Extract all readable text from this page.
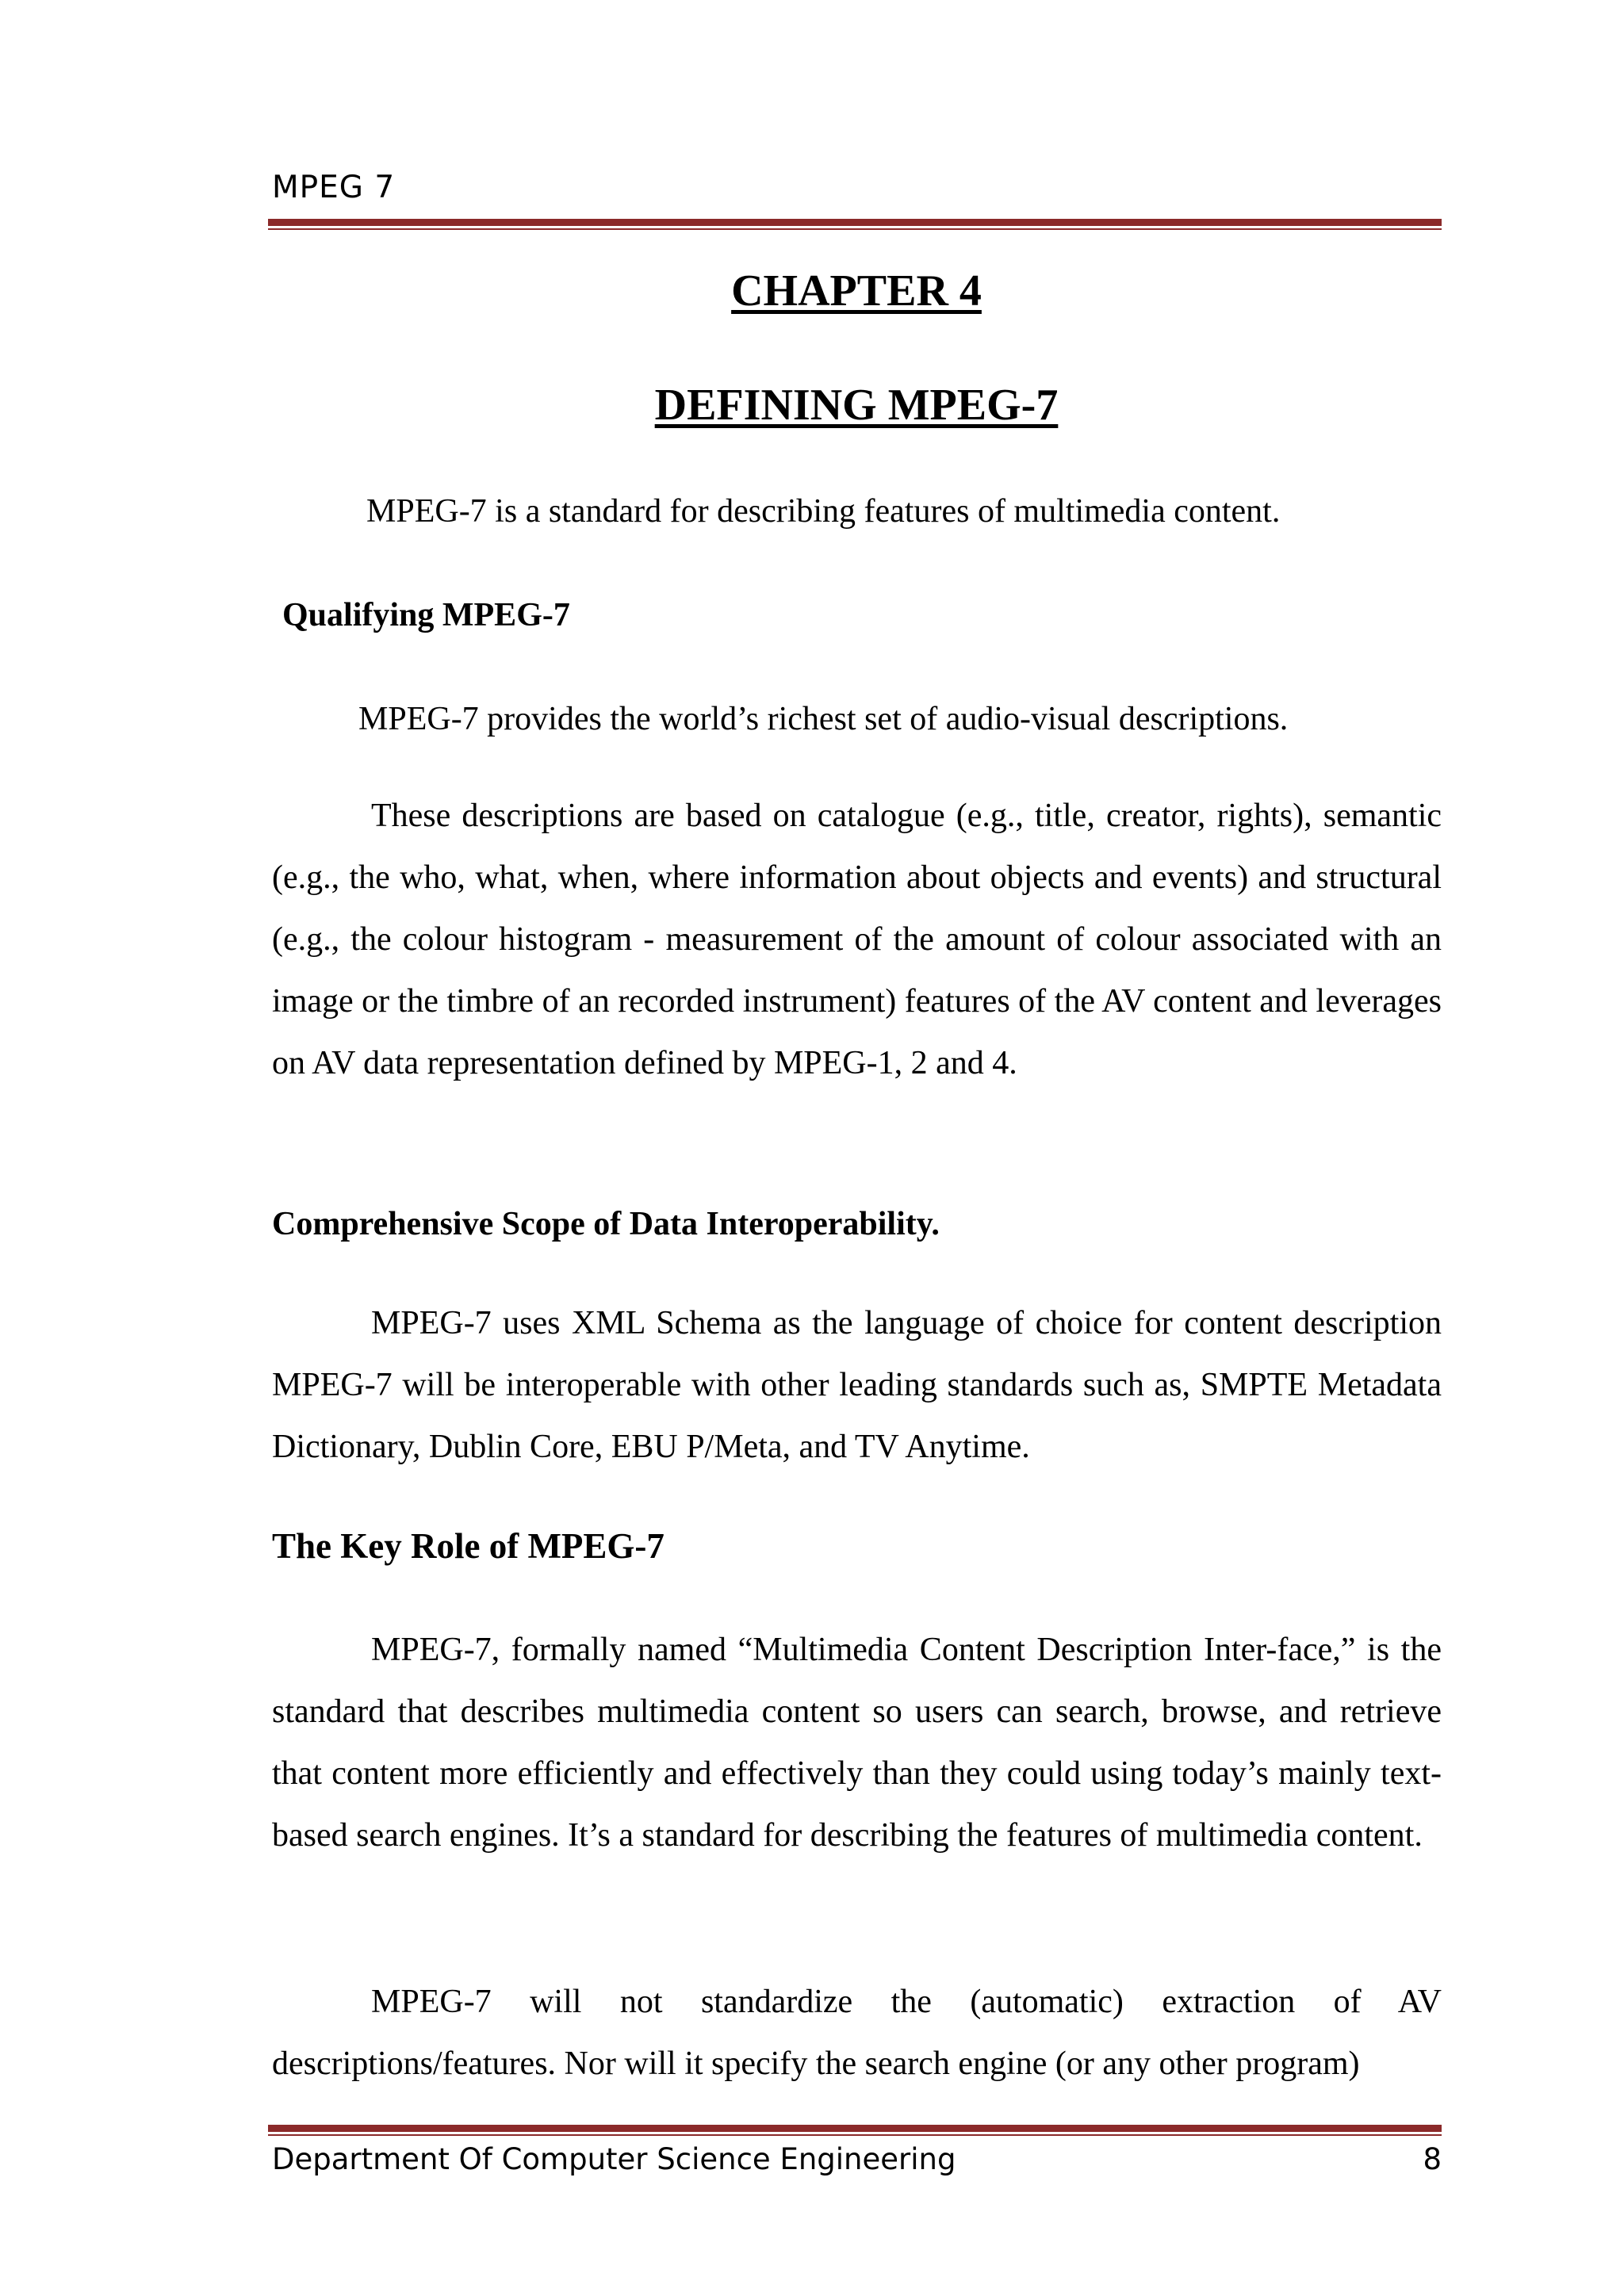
MPEG 7
CHAPTER 4
DEFINING MPEG-7
MPEG-7 is a standard for describing features of multimedia content.
Qualifying MPEG-7
MPEG-7 provides the world’s richest set of audio-visual descriptions.
These descriptions are based on catalogue (e.g., title, creator, rights), semantic (e.g., the who, what, when, where information about objects and events) and structural (e.g., the colour histogram - measurement of the amount of colour associated with an image or the timbre of an recorded instrument) features of the AV content and leverages on AV data representation defined by MPEG-1, 2 and 4.
Comprehensive Scope of Data Interoperability.
MPEG-7 uses XML Schema as the language of choice for content description MPEG-7 will be interoperable with other leading standards such as, SMPTE Metadata Dictionary, Dublin Core, EBU P/Meta, and TV Anytime.
The Key Role of MPEG-7
MPEG-7, formally named “Multimedia Content Description Inter-face,” is the standard that describes multimedia content so users can search, browse, and retrieve that content more efficiently and effectively than they could using today’s mainly text-based search engines. It’s a standard for describing the features of multimedia content.
MPEG-7 will not standardize the (automatic) extraction of AV descriptions/features. Nor will it specify the search engine (or any other program)
Department Of Computer Science Engineering	8
